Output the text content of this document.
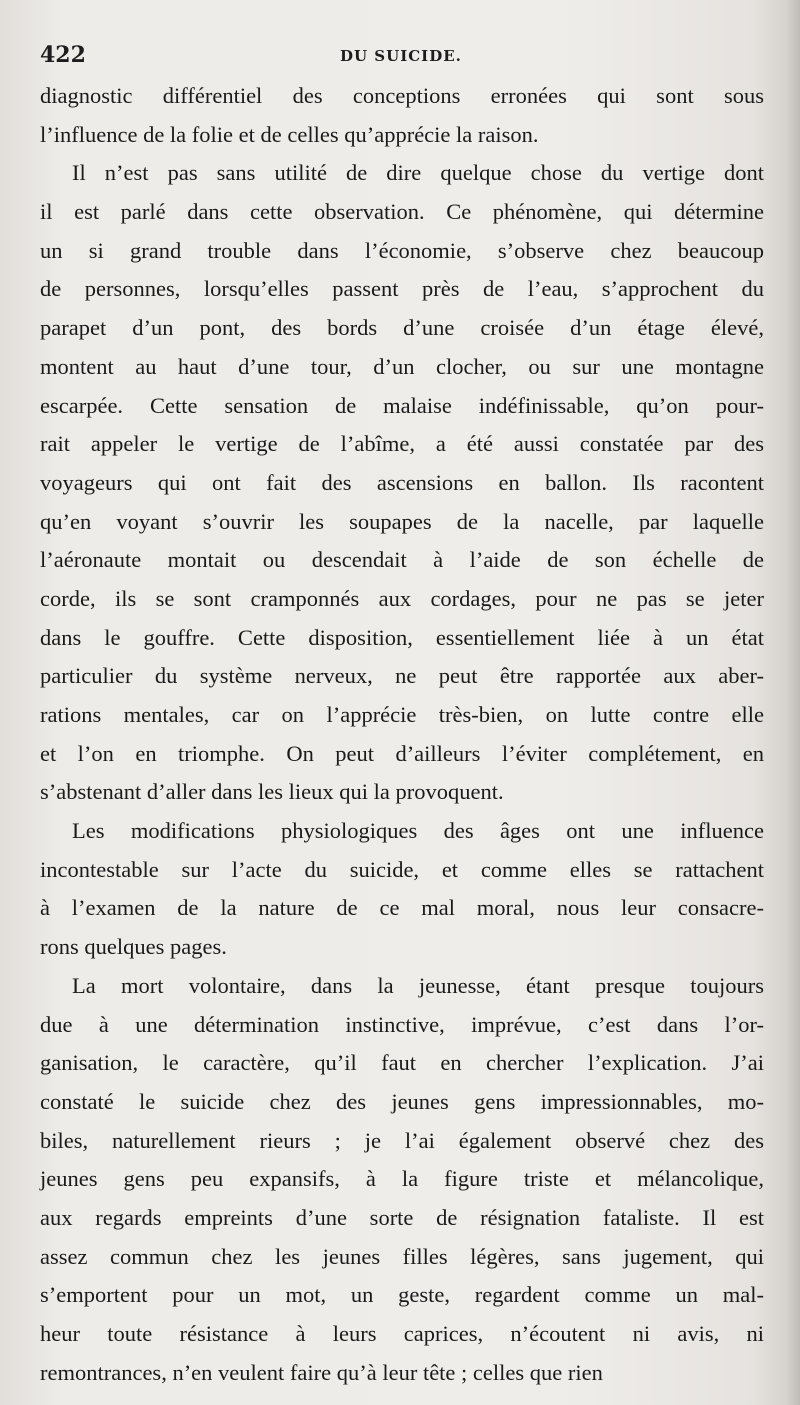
422	DU SUICIDE.
diagnostic différentiel des conceptions erronées qui sont sous
l’influence de la folie et de celles qu’apprécie la raison.
Il n’est pas sans utilité de dire quelque chose du vertige dont
il est parlé dans cette observation. Ce phénomène, qui détermine
un si grand trouble dans l’économie, s’observe chez beaucoup
de personnes, lorsqu’elles passent près de l’eau, s’approchent du
parapet d’un pont, des bords d’une croisée d’un étage élevé,
montent au haut d’une tour, d’un clocher, ou sur une montagne
escarpée. Cette sensation de malaise indéfinissable, qu’on pour-
rait appeler le vertige de l’abîme, a été aussi constatée par des
voyageurs qui ont fait des ascensions en ballon. Ils racontent
qu’en voyant s’ouvrir les soupapes de la nacelle, par laquelle
l’aéronaute montait ou descendait à l’aide de son échelle de
corde, ils se sont cramponnés aux cordages, pour ne pas se jeter
dans le gouffre. Cette disposition, essentiellement liée à un état
particulier du système nerveux, ne peut être rapportée aux aber-
rations mentales, car on l’apprécie très-bien, on lutte contre elle
et l’on en triomphe. On peut d’ailleurs l’éviter complétement, en
s’abstenant d’aller dans les lieux qui la provoquent.
Les modifications physiologiques des âges ont une influence
incontestable sur l’acte du suicide, et comme elles se rattachent
à l’examen de la nature de ce mal moral, nous leur consacre-
rons quelques pages.
La mort volontaire, dans la jeunesse, étant presque toujours
due à une détermination instinctive, imprévue, c’est dans l’or-
ganisation, le caractère, qu’il faut en chercher l’explication. J’ai
constaté le suicide chez des jeunes gens impressionnables, mo-
biles, naturellement rieurs ; je l’ai également observé chez des
jeunes gens peu expansifs, à la figure triste et mélancolique,
aux regards empreints d’une sorte de résignation fataliste. Il est
assez commun chez les jeunes filles légères, sans jugement, qui
s’emportent pour un mot, un geste, regardent comme un mal-
heur toute résistance à leurs caprices, n’écoutent ni avis, ni
remontrances, n’en veulent faire qu’à leur tête ; celles que rien
